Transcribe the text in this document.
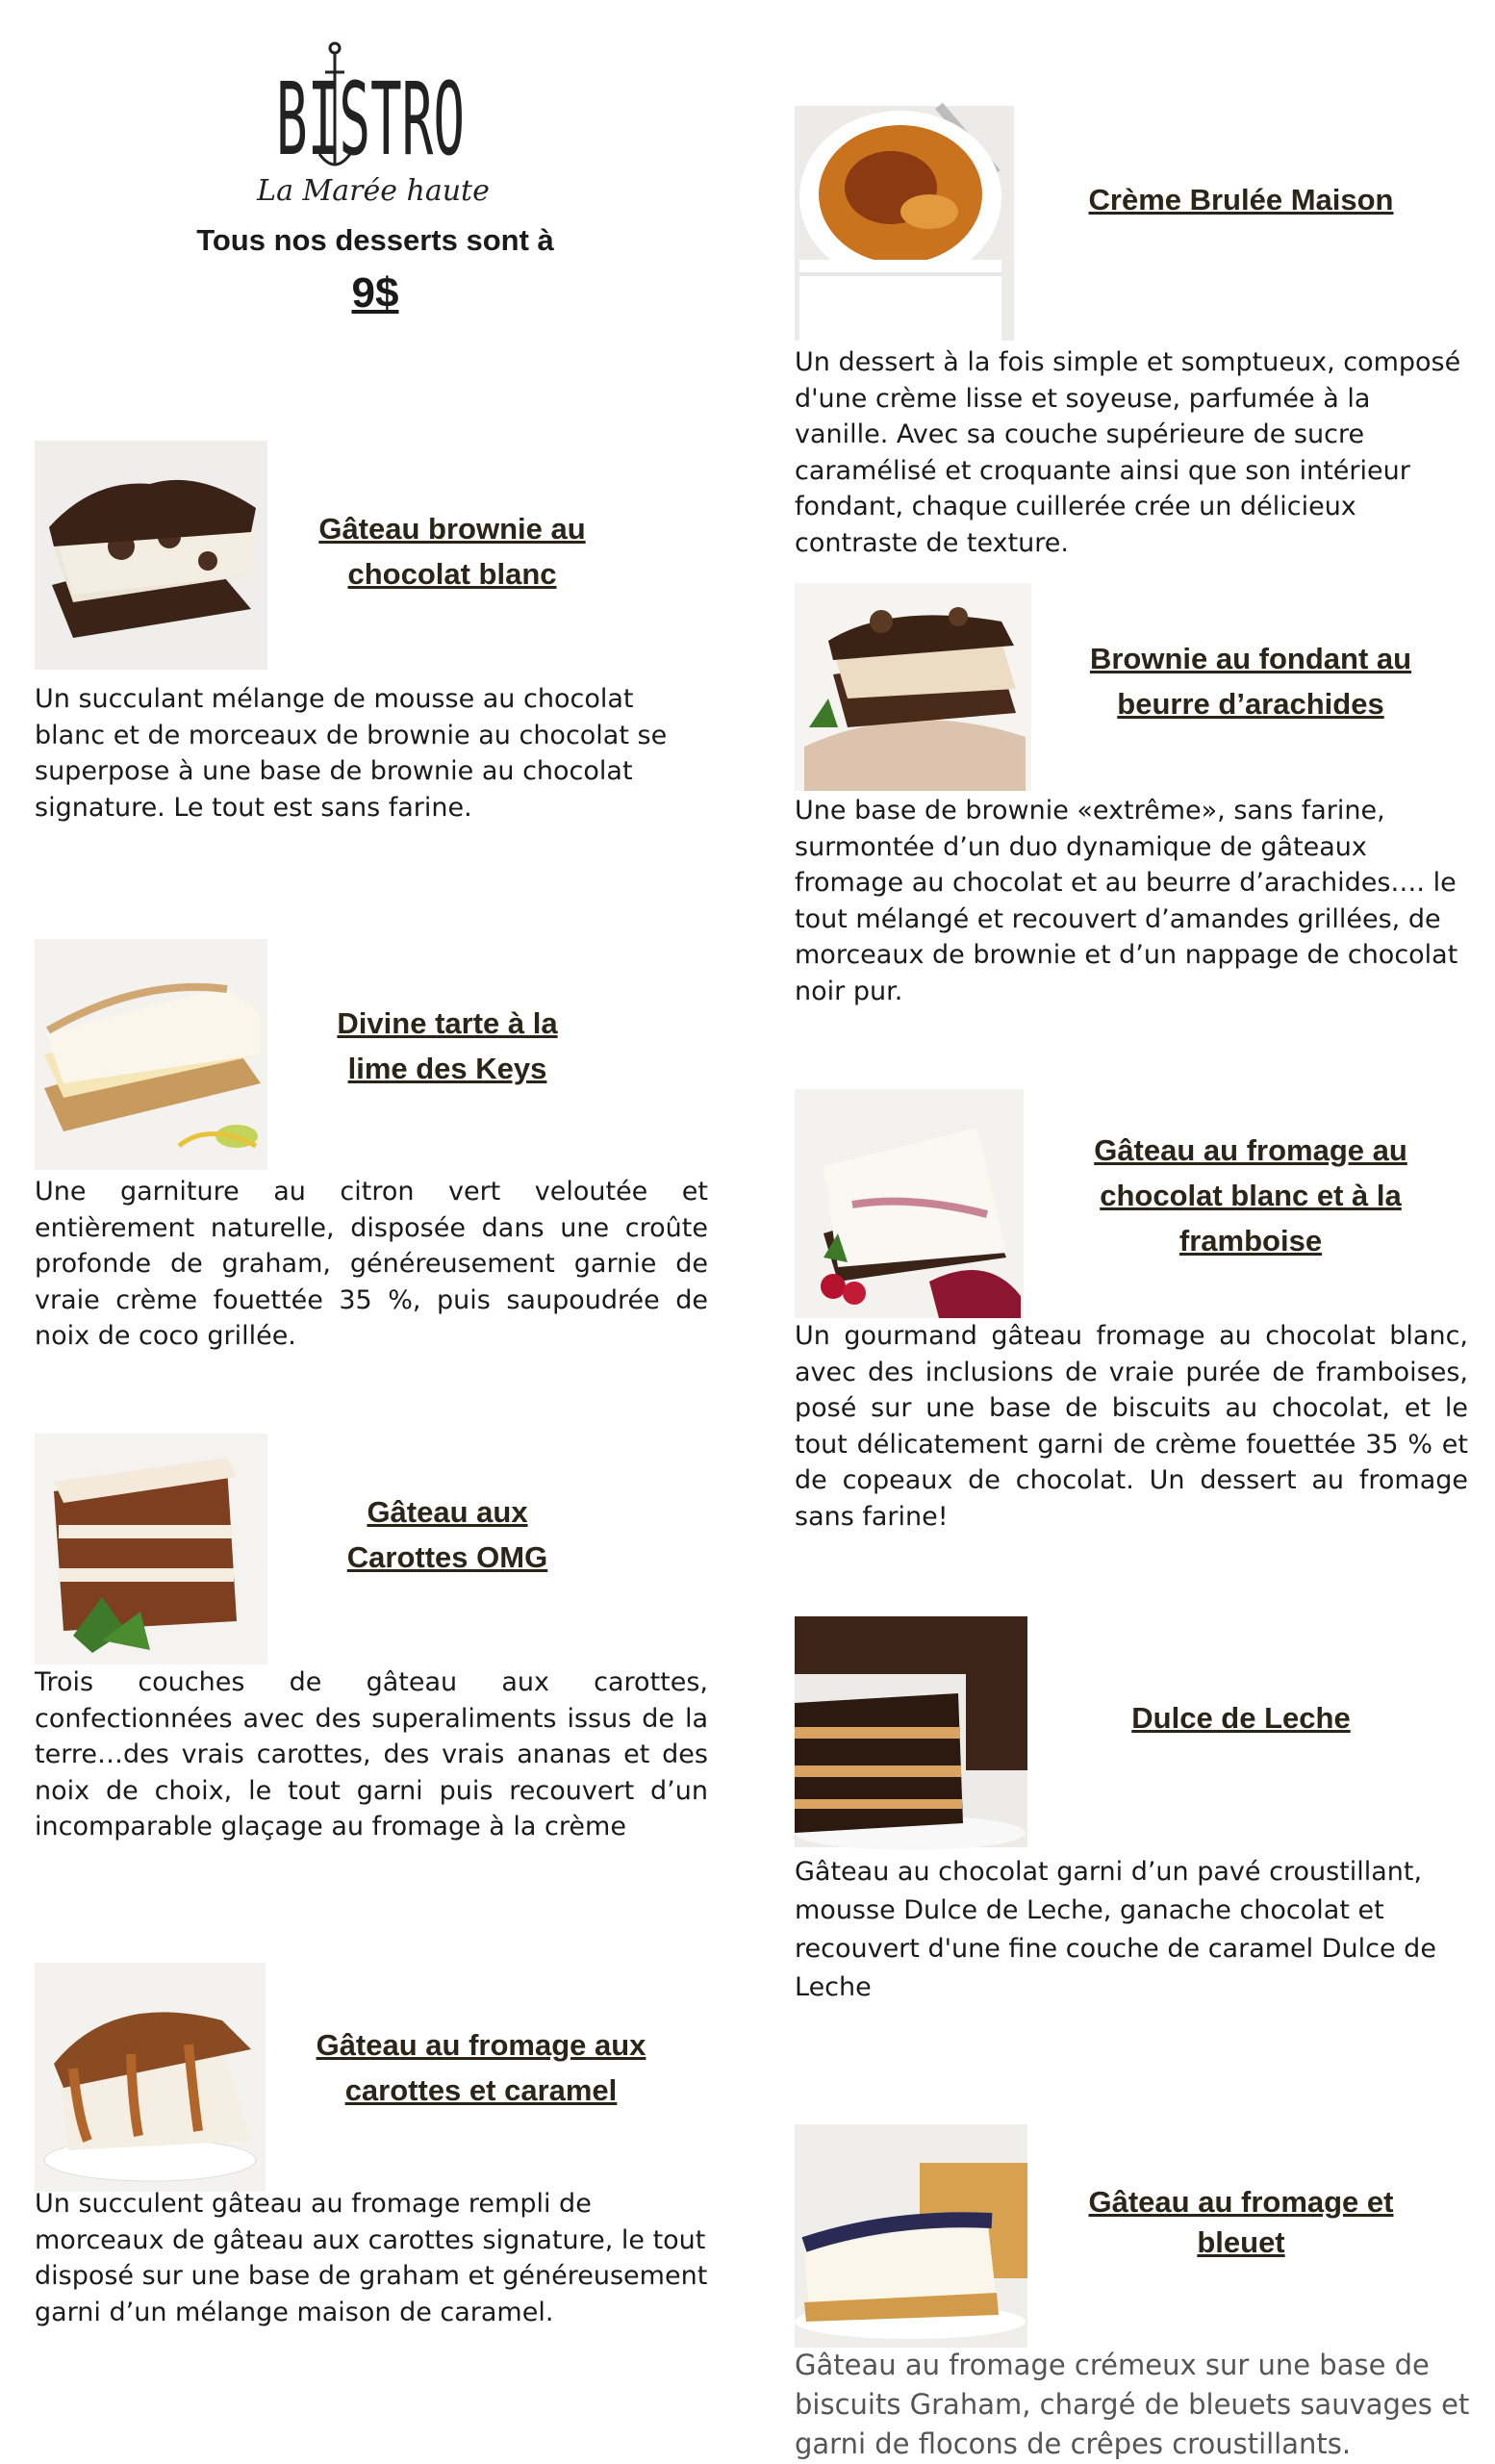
BISTRO
La Marée haute
Tous nos desserts sont à
9$
Gâteau brownie au chocolat blanc
Un succulant mélange de mousse au chocolat blanc et de morceaux de brownie au chocolat se superpose à une base de brownie au chocolat signature. Le tout est sans farine.
Divine tarte à la lime des Keys
Une garniture au citron vert veloutée et entièrement naturelle, disposée dans une croûte profonde de graham, généreusement garnie de vraie crème fouettée 35 %, puis saupoudrée de noix de coco grillée.
Gâteau aux Carottes OMG
Trois couches de gâteau aux carottes, confectionnées avec des superaliments issus de la terre…des vrais carottes, des vrais ananas et des noix de choix, le tout garni puis recouvert d’un incomparable glaçage au fromage à la crème
Gâteau au fromage aux carottes et caramel
Un succulent gâteau au fromage rempli de morceaux de gâteau aux carottes signature, le tout disposé sur une base de graham et généreusement garni d’un mélange maison de caramel.
Crème Brulée Maison
Un dessert à la fois simple et somptueux, composé d'une crème lisse et soyeuse, parfumée à la vanille. Avec sa couche supérieure de sucre caramélisé et croquante ainsi que son intérieur fondant, chaque cuillerée crée un délicieux contraste de texture.
Brownie au fondant au beurre d’arachides
Une base de brownie «extrême», sans farine, surmontée d’un duo dynamique de gâteaux fromage au chocolat et au beurre d’arachides…. le tout mélangé et recouvert d’amandes grillées, de morceaux de brownie et d’un nappage de chocolat noir pur.
Gâteau au fromage au chocolat blanc et à la framboise
Un gourmand gâteau fromage au chocolat blanc, avec des inclusions de vraie purée de framboises, posé sur une base de biscuits au chocolat, et le tout délicatement garni de crème fouettée 35 % et de copeaux de chocolat. Un dessert au fromage sans farine!
Dulce de Leche
Gâteau au chocolat garni d’un pavé croustillant, mousse Dulce de Leche, ganache chocolat et recouvert d'une fine couche de caramel Dulce de Leche
Gâteau au fromage et bleuet
Gâteau au fromage crémeux sur une base de biscuits Graham, chargé de bleuets sauvages et garni de flocons de crêpes croustillants.
